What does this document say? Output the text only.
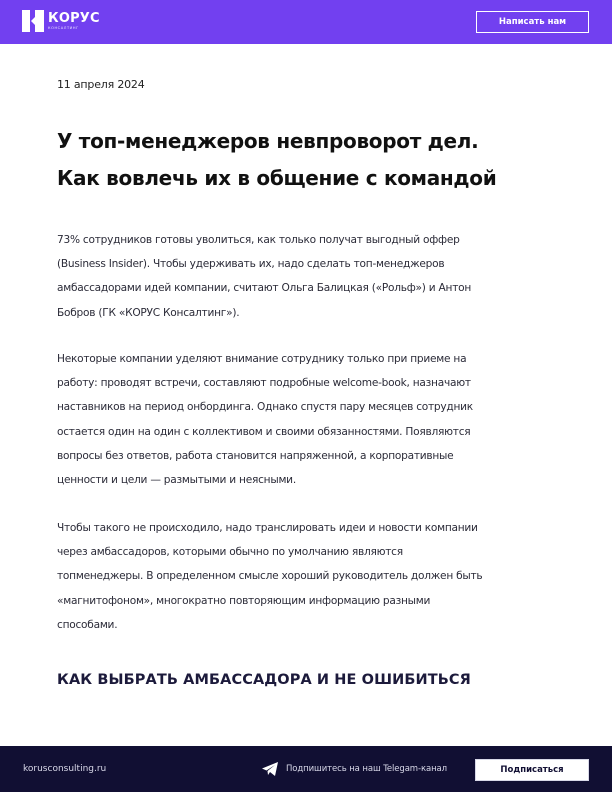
КОРУС
КОНСАЛТИНГ
Написать нам
11 апреля 2024
У топ-менеджеров невпроворот дел.
Как вовлечь их в общение с командой
73% сотрудников готовы уволиться, как только получат выгодный оффер
(Business Insider). Чтобы удерживать их, надо сделать топ-менеджеров
амбассадорами идей компании, считают Ольга Балицкая («Рольф») и Антон
Бобров (ГК «КОРУС Консалтинг»).
Некоторые компании уделяют внимание сотруднику только при приеме на
работу: проводят встречи, составляют подробные welcome-book, назначают
наставников на период онбординга. Однако спустя пару месяцев сотрудник
остается один на один с коллективом и своими обязанностями. Появляются
вопросы без ответов, работа становится напряженной, а корпоративные
ценности и цели — размытыми и неясными.
Чтобы такого не происходило, надо транслировать идеи и новости компании
через амбассадоров, которыми обычно по умолчанию являются
топменеджеры. В определенном смысле хороший руководитель должен быть
«магнитофоном», многократно повторяющим информацию разными
способами.
КАК ВЫБРАТЬ АМБАССАДОРА И НЕ ОШИБИТЬСЯ
korusconsulting.ru	Подпишитесь на наш Telegam-канал	Подписаться
